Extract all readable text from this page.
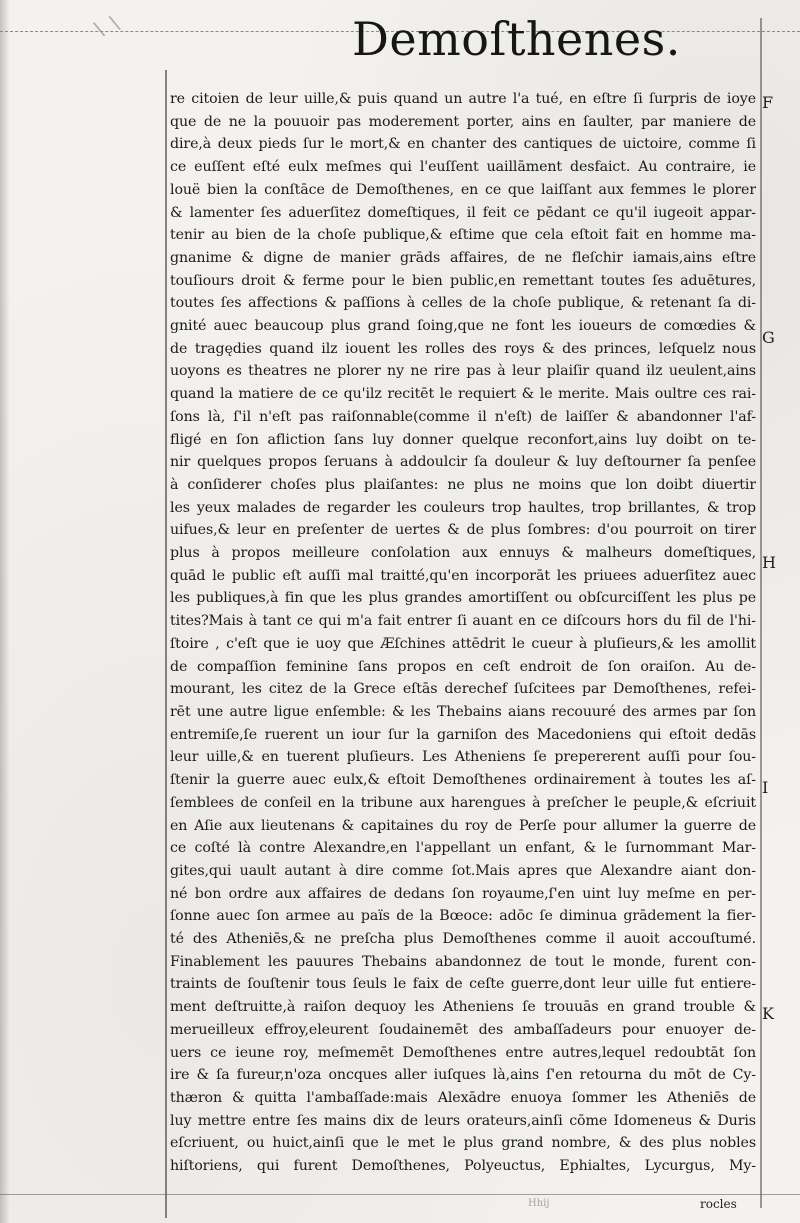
∖∖	Demoſthenes.
re citoien de leur uille,& puis quand un autre l'a tué, en eſtre ſi ſurpris de ioye
que de ne la pouuoir pas moderement porter, ains en ſaulter, par maniere de
dire,à deux pieds ſur le mort,& en chanter des cantiques de uictoire, comme ſi
ce euſſent eſté eulx meſmes qui l'euſſent uaillāment desfaict. Au contraire, ie
louë bien la conſtāce de Demoſthenes, en ce que laiſſant aux femmes le plorer
& lamenter ſes aduerſitez domeſtiques, il feit ce pēdant ce qu'il iugeoit appar-
tenir au bien de la choſe publique,& eſtime que cela eſtoit fait en homme ma-
gnanime & digne de manier grāds affaires, de ne fleſchir iamais,ains eſtre
touſiours droit & ferme pour le bien public,en remettant toutes ſes aduētures,
toutes ſes affections & paſſions à celles de la choſe publique, & retenant ſa di-
gnité auec beaucoup plus grand ſoing,que ne font les ioueurs de comœdies &
de tragędies quand ilz iouent les rolles des roys & des princes, leſquelz nous
uoyons es theatres ne plorer ny ne rire pas à leur plaiſir quand ilz ueulent,ains
quand la matiere de ce qu'ilz recitēt le requiert & le merite. Mais oultre ces rai-
ſons là, ſ'il n'eſt pas raiſonnable(comme il n'eſt) de laiſſer & abandonner l'af-
fligé en ſon afliction ſans luy donner quelque reconfort,ains luy doibt on te-
nir quelques propos ſeruans à addoulcir ſa douleur & luy deſtourner ſa penſee
à conſiderer choſes plus plaiſantes: ne plus ne moins que lon doibt diuertir
les yeux malades de regarder les couleurs trop haultes, trop brillantes, & trop
uifues,& leur en preſenter de uertes & de plus ſombres: d'ou pourroit on tirer
plus à propos meilleure conſolation aux ennuys & malheurs domeſtiques,
quād le public eſt auſſi mal traitté,qu'en incorporāt les priuees aduerſitez auec
les publiques,à fin que les plus grandes amortiſſent ou obſcurciſſent les plus pe
tites?Mais à tant ce qui m'a fait entrer ſi auant en ce diſcours hors du fil de l'hi-
ſtoire , c'eſt que ie uoy que Æſchines attēdrit le cueur à pluſieurs,& les amollit
de compaſſion feminine ſans propos en ceſt endroit de ſon oraiſon. Au de-
mourant, les citez de la Grece eſtās derechef ſuſcitees par Demoſthenes, refei-
rēt une autre ligue enſemble: & les Thebains aians recouuré des armes par ſon
entremiſe,ſe ruerent un iour ſur la garniſon des Macedoniens qui eſtoit dedās
leur uille,& en tuerent pluſieurs. Les Atheniens ſe prepererent auſſi pour ſou-
ſtenir la guerre auec eulx,& eſtoit Demoſthenes ordinairement à toutes les aſ-
ſemblees de conſeil en la tribune aux harengues à preſcher le peuple,& eſcriuit
en Aſie aux lieutenans & capitaines du roy de Perſe pour allumer la guerre de
ce coſté là contre Alexandre,en l'appellant un enfant, & le ſurnommant Mar-
gites,qui uault autant à dire comme ſot.Mais apres que Alexandre aiant don-
né bon ordre aux affaires de dedans ſon royaume,ſ'en uint luy meſme en per-
ſonne auec ſon armee au païs de la Bœoce: adōc ſe diminua grādement la fier-
té des Atheniēs,& ne preſcha plus Demoſthenes comme il auoit accouſtumé.
Finablement les pauures Thebains abandonnez de tout le monde, furent con-
traints de ſouſtenir tous ſeuls le faix de ceſte guerre,dont leur uille fut entiere-
ment deſtruitte,à raiſon dequoy les Atheniens ſe trouuās en grand trouble &
merueilleux effroy,eleurent ſoudainemēt des ambaſſadeurs pour enuoyer de-
uers ce ieune roy, meſmemēt Demoſthenes entre autres,lequel redoubtāt ſon
ire & ſa fureur,n'oza oncques aller iuſques là,ains ſ'en retourna du mōt de Cy-
thæron & quitta l'ambaſſade:mais Alexādre enuoya ſommer les Atheniēs de
luy mettre entre ſes mains dix de leurs orateurs,ainſi cōme Idomeneus & Duris
eſcriuent, ou huict,ainſi que le met le plus grand nombre, & des plus nobles
hiſtoriens, qui furent Demoſthenes, Polyeuctus, Ephialtes, Lycurgus, My-
F
G
H
I
K
Hhij	rocles
